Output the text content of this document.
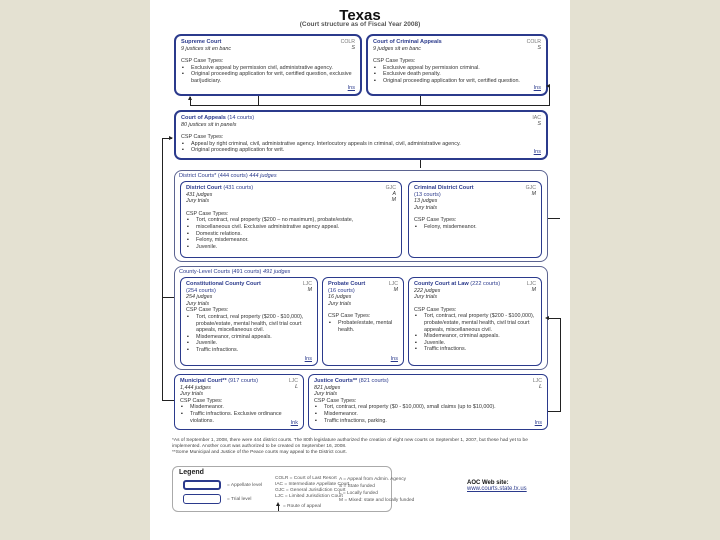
Texas
(Court structure as of Fiscal Year 2008)
Supreme Court
9 justices sit en banc
COLR
S
CSP Case Types:
▪ Exclusive appeal by permission civil, administrative agency.
▪ Original proceeding application for writ, certified question, exclusive bar/judiciary.
Ins
Court of Criminal Appeals
9 judges sit en banc
COLR
S
CSP Case Types:
▪ Exclusive appeal by permission criminal.
▪ Exclusive death penalty.
▪ Original proceeding application for writ, certified question.
Ins
Court of Appeals (14 courts)
80 justices sit in panels
IAC
S
CSP Case Types:
▪ Appeal by right criminal, civil, administrative agency. Interlocutory appeals in criminal, civil, administrative agency.
▪ Original proceeding application for writ.	Ins
District Courts* (444 courts) 444 judges
District Court (431 courts)
431 judges
Jury trials
GJC
A
M
CSP Case Types:
▪ Tort, contract, real property ($200 – no maximum), probate/estate,
▪ miscellaneous civil. Exclusive administrative agency appeal.
▪ Domestic relations.
▪ Felony, misdemeanor.
▪ Juvenile.
Criminal District Court
(13 courts)
13 judges
Jury trials
GJC
M
CSP Case Types:
▪ Felony, misdemeanor.
County-Level Courts (491 courts) 491 judges
Constitutional County Court
(254 courts)
254 judges
Jury trials
LJC
M
CSP Case Types:
▪ Tort, contract, real property ($200 - $10,000), probate/estate, mental health, civil trial court appeals, miscellaneous civil.
▪ Misdemeanor, criminal appeals.
▪ Juvenile.
▪ Traffic infractions.
Ins
Probate Court
(16 courts)
16 judges
Jury trials
LJC
M
CSP Case Types:
▪ Probate/estate, mental health.
Ins
County Court at Law (222 courts)
222 judges
Jury trials
LJC
M
CSP Case Types:
▪ Tort, contract, real property ($200 - $100,000), probate/estate, mental health, civil trial court appeals, miscellaneous civil.
▪ Misdemeanor, criminal appeals.
▪ Juvenile.
▪ Traffic infractions.
Municipal Court** (917 courts)
1,444 judges
Jury trials
LJC
L
CSP Case Types:
▪ Misdemeanor.
▪ Traffic infractions. Exclusive ordinance violations.	Ink
Justice Courts** (821 courts)
821 judges
Jury trials
LJC
L
CSP Case Types:
▪ Tort, contract, real property ($0 - $10,000), small claims (up to $10,000).
▪ Misdemeanor.
▪ Traffic infractions, parking.	Ins
*As of September 1, 2008, there were 444 district courts. The 80th legislature authorized the creation of eight new courts on September 1, 2007, but these had yet to be implemented. Another court was authorized to be created on September 16, 2008.
**Some Municipal and Justice of the Peace courts may appeal to the District court.
Legend
= Appellate level
= Trial level
COLR = Court of Last Resort
IAC = Intermediate Appellate Court
GJC = General Jurisdiction Court
LJC = Limited Jurisdiction Court
A = Appeal from Admin. Agency
S = State funded
L = Locally funded
M = Mixed: state and locally funded
= Route of appeal
AOC Web site:
www.courts.state.tx.us
